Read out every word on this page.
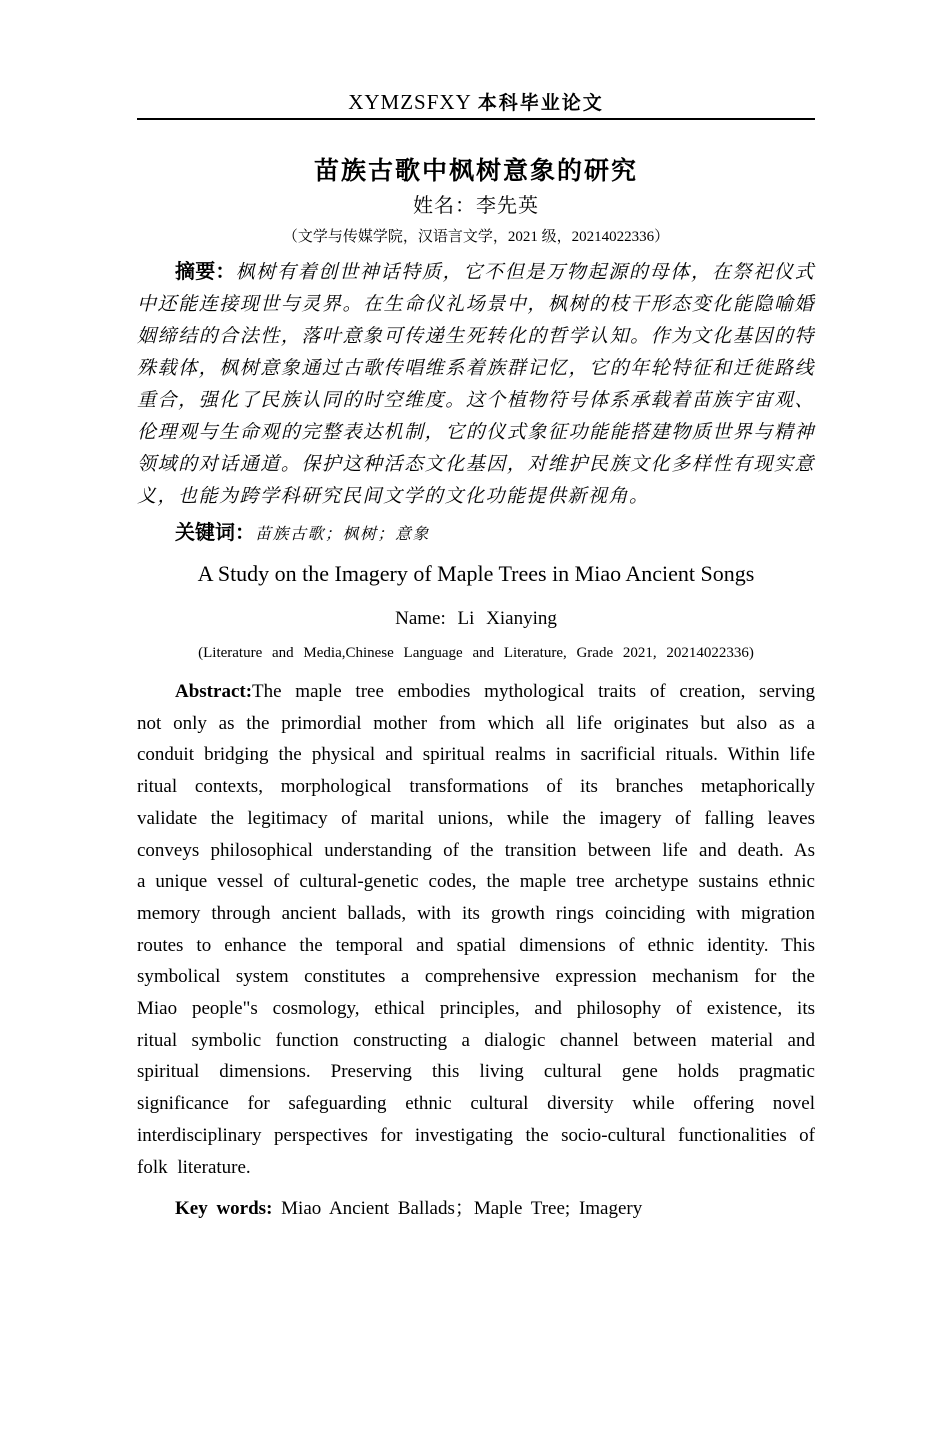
XYMZSFXY 本科毕业论文
苗族古歌中枫树意象的研究
姓名：李先英
（文学与传媒学院，汉语言文学，2021 级，20214022336）

摘要：枫树有着创世神话特质，它不但是万物起源的母体，在祭祀仪式中还能连接现世与灵界。在生命仪礼场景中，枫树的枝干形态变化能隐喻婚姻缔结的合法性，落叶意象可传递生死转化的哲学认知。作为文化基因的特殊载体，枫树意象通过古歌传唱维系着族群记忆，它的年轮特征和迁徙路线重合，强化了民族认同的时空维度。这个植物符号体系承载着苗族宇宙观、伦理观与生命观的完整表达机制，它的仪式象征功能能搭建物质世界与精神领域的对话通道。保护这种活态文化基因，对维护民族文化多样性有现实意义，也能为跨学科研究民间文学的文化功能提供新视角。

关键词：苗族古歌；枫树；意象

A Study on the Imagery of Maple Trees in Miao Ancient Songs
Name: Li Xianying
(Literature and Media,Chinese Language and Literature, Grade 2021, 20214022336)

Abstract:The maple tree embodies mythological traits of creation, serving not only as the primordial mother from which all life originates but also as a conduit bridging the physical and spiritual realms in sacrificial rituals. Within life ritual contexts, morphological transformations of its branches metaphorically validate the legitimacy of marital unions, while the imagery of falling leaves conveys philosophical understanding of the transition between life and death. As a unique vessel of cultural-genetic codes, the maple tree archetype sustains ethnic memory through ancient ballads, with its growth rings coinciding with migration routes to enhance the temporal and spatial dimensions of ethnic identity. This symbolical system constitutes a comprehensive expression mechanism for the Miao people"s cosmology, ethical principles, and philosophy of existence, its ritual symbolic function constructing a dialogic channel between material and spiritual dimensions. Preserving this living cultural gene holds pragmatic significance for safeguarding ethnic cultural diversity while offering novel interdisciplinary perspectives for investigating the socio-cultural functionalities of folk literature.

Key words: Miao Ancient Ballads；Maple Tree; Imagery
